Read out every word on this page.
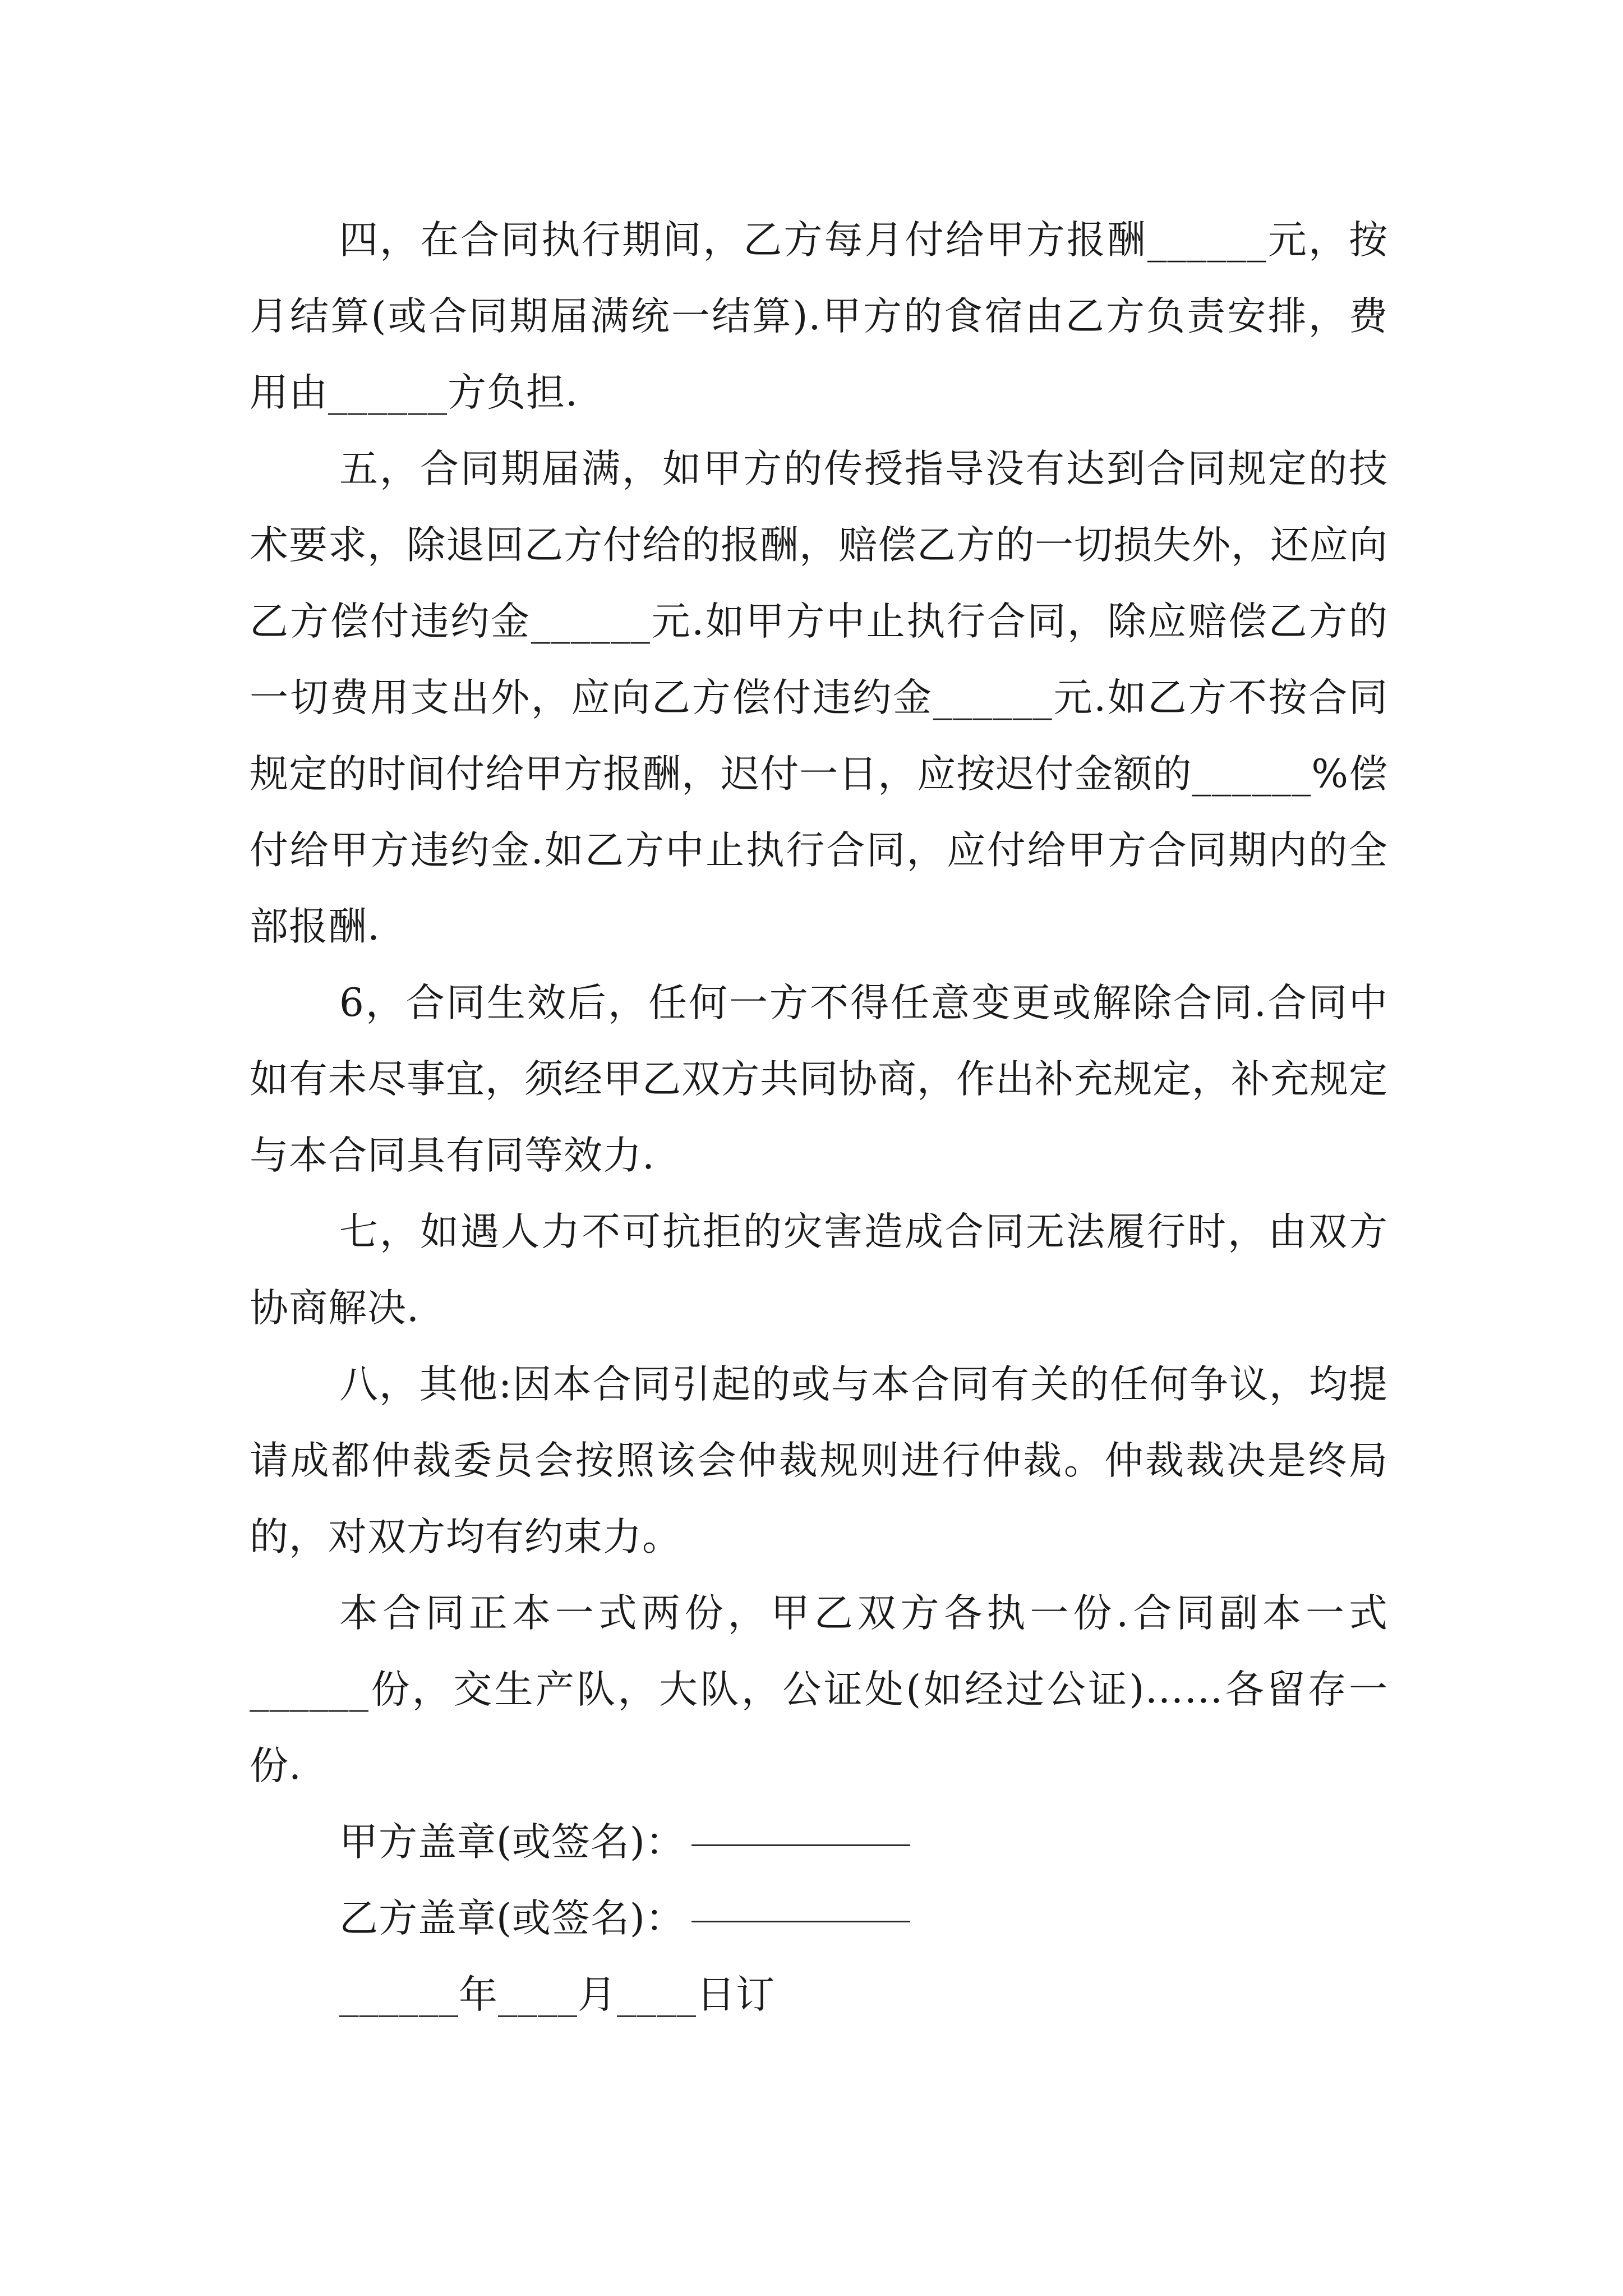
四，在合同执行期间，乙方每月付给甲方报酬______元，按月结算(或合同期届满统一结算).甲方的食宿由乙方负责安排，费用由______方负担.

五，合同期届满，如甲方的传授指导没有达到合同规定的技术要求，除退回乙方付给的报酬，赔偿乙方的一切损失外，还应向乙方偿付违约金______元.如甲方中止执行合同，除应赔偿乙方的一切费用支出外，应向乙方偿付违约金______元.如乙方不按合同规定的时间付给甲方报酬，迟付一日，应按迟付金额的______%偿付给甲方违约金.如乙方中止执行合同，应付给甲方合同期内的全部报酬.

6，合同生效后，任何一方不得任意变更或解除合同.合同中如有未尽事宜，须经甲乙双方共同协商，作出补充规定，补充规定与本合同具有同等效力.

七，如遇人力不可抗拒的灾害造成合同无法履行时，由双方协商解决.

八，其他:因本合同引起的或与本合同有关的任何争议，均提请成都仲裁委员会按照该会仲裁规则进行仲裁。仲裁裁决是终局的，对双方均有约束力。

本合同正本一式两份，甲乙双方各执一份.合同副本一式______份，交生产队，大队，公证处(如经过公证)……各留存一份.

甲方盖章(或签名)：

乙方盖章(或签名)：

______年____月____日订
